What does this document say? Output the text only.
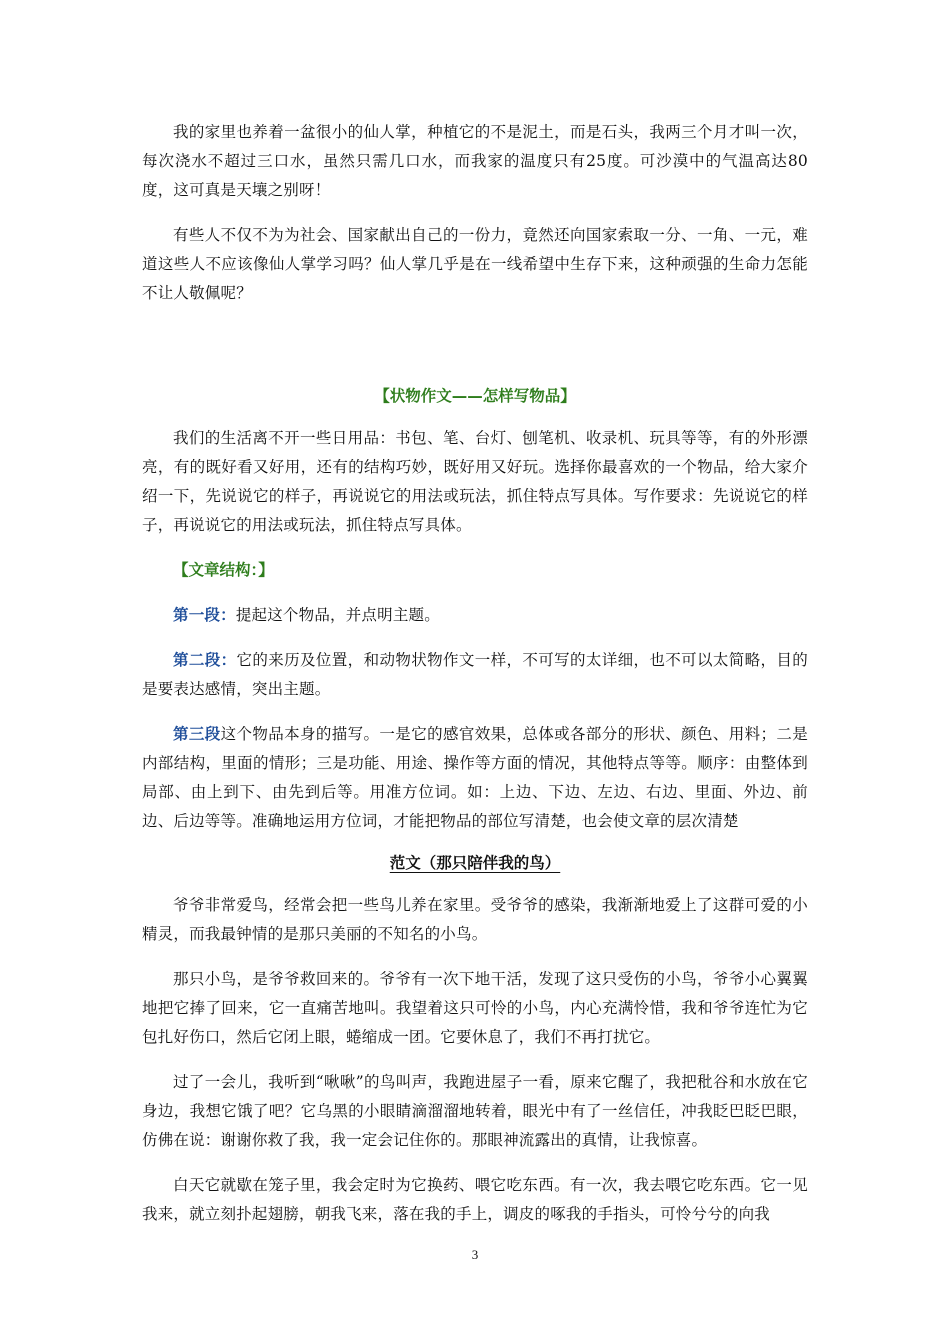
我的家里也养着一盆很小的仙人掌，种植它的不是泥土，而是石头，我两三个月才叫一次，每次浇水不超过三口水，虽然只需几口水，而我家的温度只有25度。可沙漠中的气温高达80度，这可真是天壤之别呀！

有些人不仅不为为社会、国家献出自己的一份力，竟然还向国家索取一分、一角、一元，难道这些人不应该像仙人掌学习吗？仙人掌几乎是在一线希望中生存下来，这种顽强的生命力怎能不让人敬佩呢？

【状物作文——怎样写物品】

我们的生活离不开一些日用品：书包、笔、台灯、刨笔机、收录机、玩具等等，有的外形漂亮，有的既好看又好用，还有的结构巧妙，既好用又好玩。选择你最喜欢的一个物品，给大家介绍一下，先说说它的样子，再说说它的用法或玩法，抓住特点写具体。写作要求：先说说它的样子，再说说它的用法或玩法，抓住特点写具体。

【文章结构：】

第一段：提起这个物品，并点明主题。

第二段：它的来历及位置，和动物状物作文一样，不可写的太详细，也不可以太简略，目的是要表达感情，突出主题。

第三段这个物品本身的描写。一是它的感官效果，总体或各部分的形状、颜色、用料；二是内部结构，里面的情形；三是功能、用途、操作等方面的情况，其他特点等等。顺序：由整体到局部、由上到下、由先到后等。用准方位词。如：上边、下边、左边、右边、里面、外边、前边、后边等等。准确地运用方位词，才能把物品的部位写清楚，也会使文章的层次清楚

范文（那只陪伴我的鸟）

爷爷非常爱鸟，经常会把一些鸟儿养在家里。受爷爷的感染，我渐渐地爱上了这群可爱的小精灵，而我最钟情的是那只美丽的不知名的小鸟。

那只小鸟，是爷爷救回来的。爷爷有一次下地干活，发现了这只受伤的小鸟，爷爷小心翼翼地把它捧了回来，它一直痛苦地叫。我望着这只可怜的小鸟，内心充满怜惜，我和爷爷连忙为它包扎好伤口，然后它闭上眼，蜷缩成一团。它要休息了，我们不再打扰它。

过了一会儿，我听到“啾啾”的鸟叫声，我跑进屋子一看，原来它醒了，我把秕谷和水放在它身边，我想它饿了吧？它乌黑的小眼睛滴溜溜地转着，眼光中有了一丝信任，冲我眨巴眨巴眼，仿佛在说：谢谢你救了我，我一定会记住你的。那眼神流露出的真情，让我惊喜。

白天它就歇在笼子里，我会定时为它换药、喂它吃东西。有一次，我去喂它吃东西。它一见我来，就立刻扑起翅膀，朝我飞来，落在我的手上，调皮的啄我的手指头，可怜兮兮的向我

3
